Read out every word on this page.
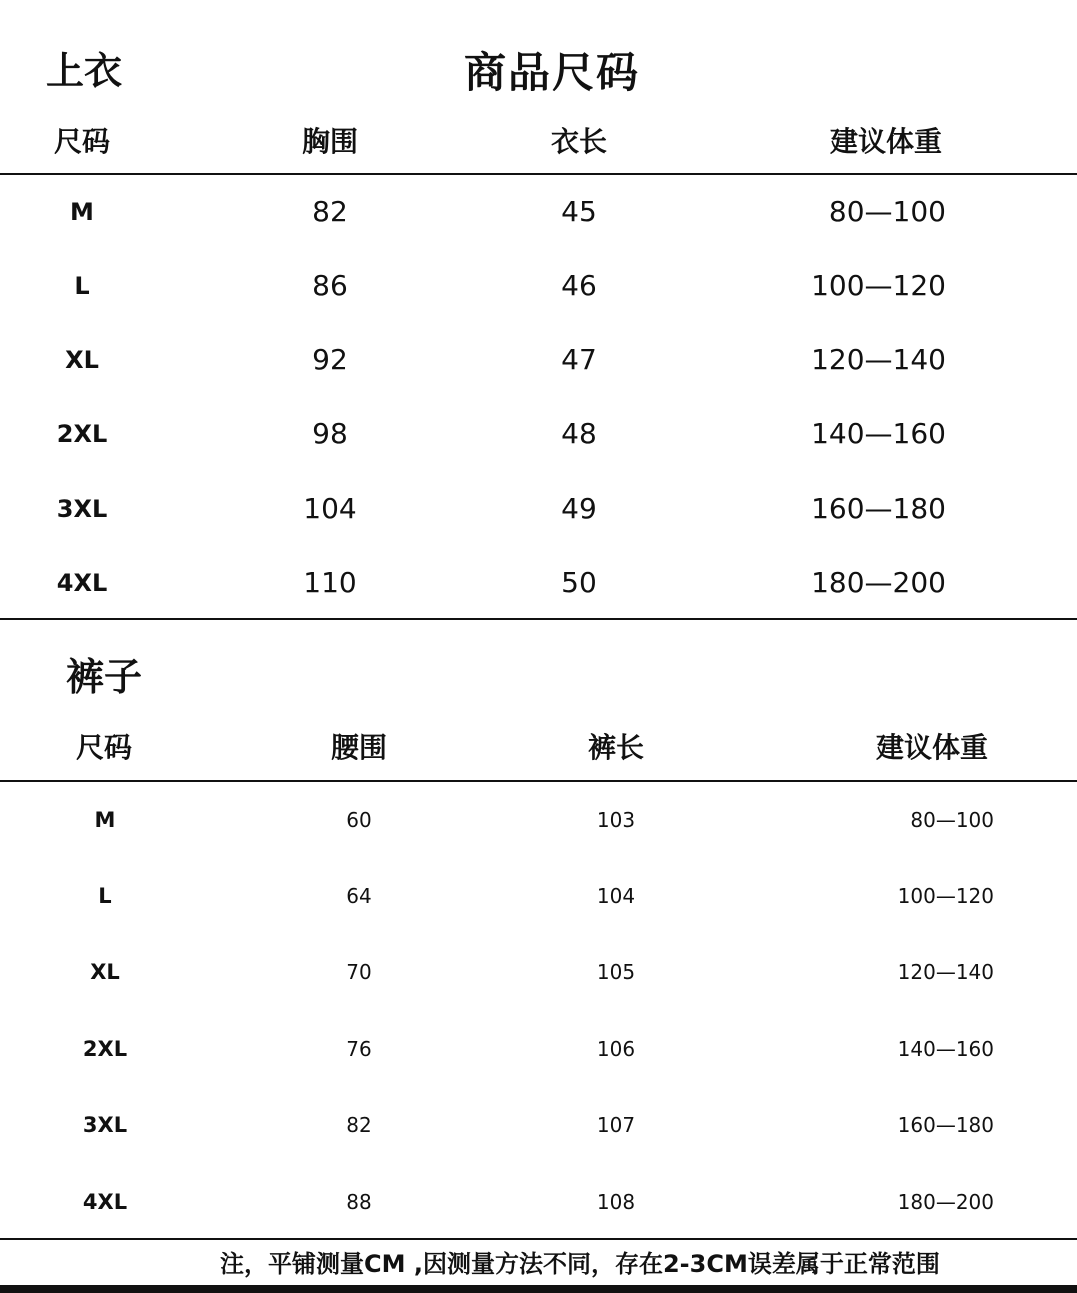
上衣	商品尺码
尺码	胸围	衣长	建议体重
M	82	45	80—100
L	86	46	100—120
XL	92	47	120—140
2XL	98	48	140—160
3XL	104	49	160—180
4XL	110	50	180—200
裤子
尺码	腰围	裤长	建议体重
M	60	103	80—100
L	64	104	100—120
XL	70	105	120—140
2XL	76	106	140—160
3XL	82	107	160—180
4XL	88	108	180—200
注，平铺测量CM ,因测量方法不同，存在2-3CM误差属于正常范围
